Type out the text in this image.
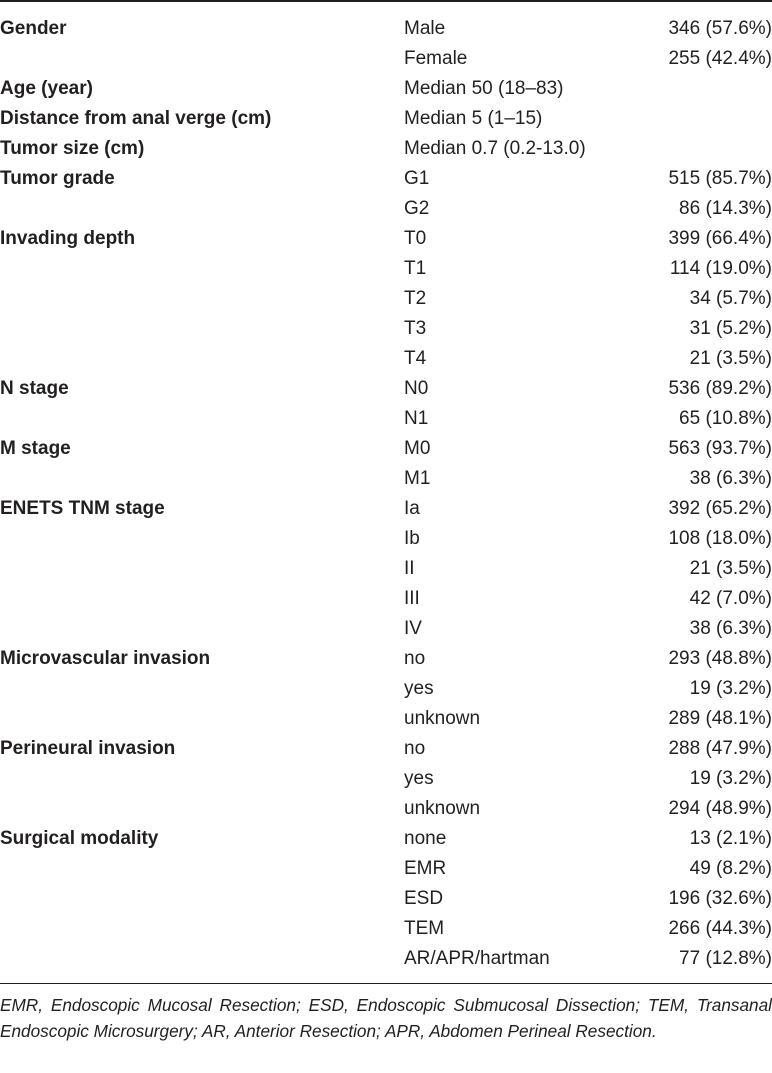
Gender	Male	346 (57.6%)
	Female	255 (42.4%)
Age (year)	Median 50 (18–83)	
Distance from anal verge (cm)	Median 5 (1–15)	
Tumor size (cm)	Median 0.7 (0.2-13.0)	
Tumor grade	G1	515 (85.7%)
	G2	86 (14.3%)
Invading depth	T0	399 (66.4%)
	T1	114 (19.0%)
	T2	34 (5.7%)
	T3	31 (5.2%)
	T4	21 (3.5%)
N stage	N0	536 (89.2%)
	N1	65 (10.8%)
M stage	M0	563 (93.7%)
	M1	38 (6.3%)
ENETS TNM stage	Ia	392 (65.2%)
	Ib	108 (18.0%)
	II	21 (3.5%)
	III	42 (7.0%)
	IV	38 (6.3%)
Microvascular invasion	no	293 (48.8%)
	yes	19 (3.2%)
	unknown	289 (48.1%)
Perineural invasion	no	288 (47.9%)
	yes	19 (3.2%)
	unknown	294 (48.9%)
Surgical modality	none	13 (2.1%)
	EMR	49 (8.2%)
	ESD	196 (32.6%)
	TEM	266 (44.3%)
	AR/APR/hartman	77 (12.8%)
EMR, Endoscopic Mucosal Resection; ESD, Endoscopic Submucosal Dissection; TEM, Transanal Endoscopic Microsurgery; AR, Anterior Resection; APR, Abdomen Perineal Resection.
